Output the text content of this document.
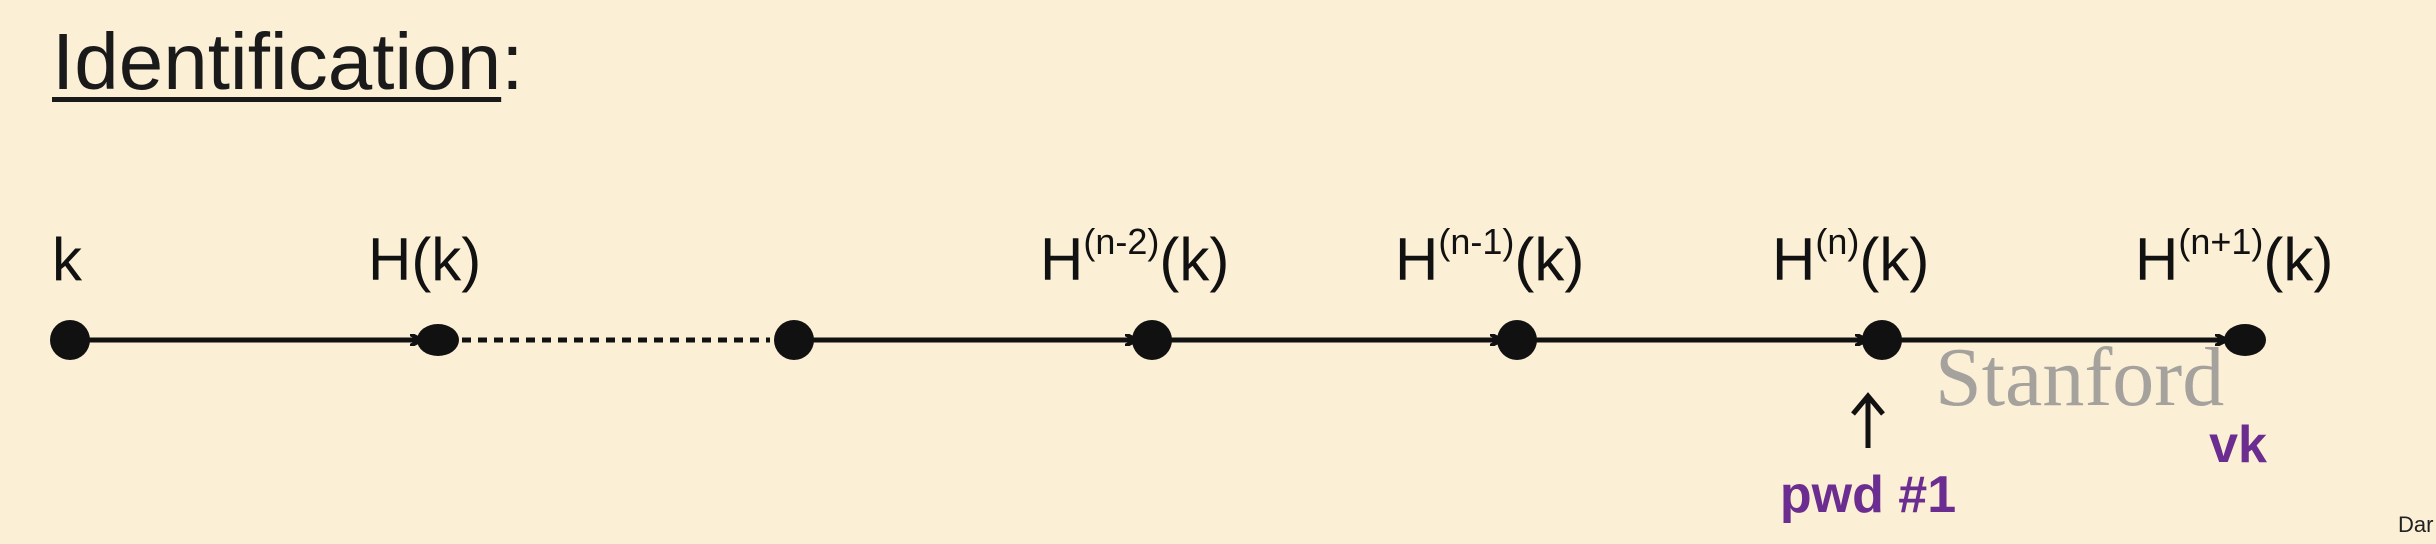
Identification:
k	H(k)	$H^{(n-2)}(k)$	$H^{(n-1)}(k)$	$H^{(n)}(k)$	$H^{(n+1)}(k)$
Stanford
pwd #1
vk
Dar
